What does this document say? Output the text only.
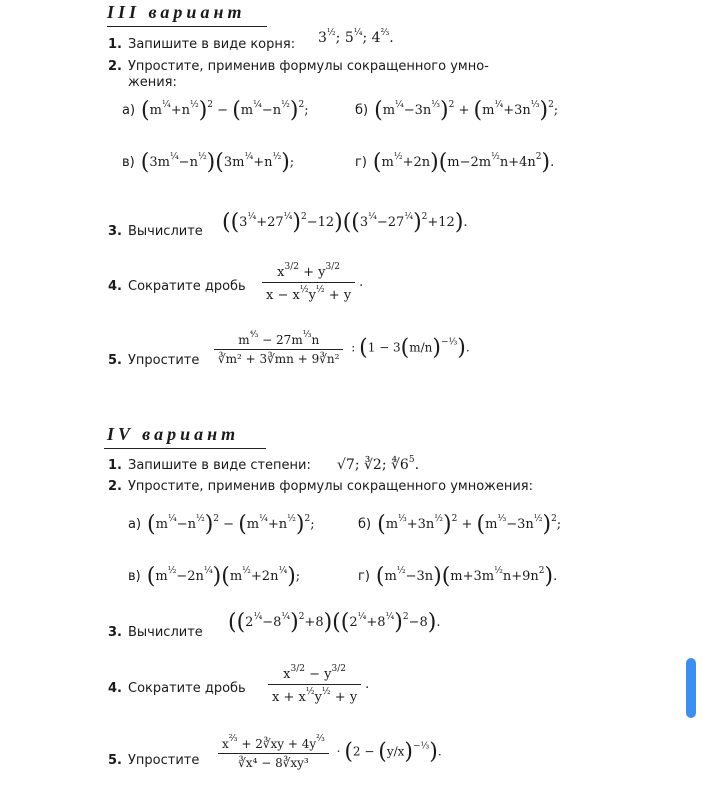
III вариант
1. Запишите в виде корня: $3^{\frac{1}{2}}$; $5^{\frac{1}{4}}$; $4^{\frac{2}{3}}$.
2. Упростите, применив формулы сокращенного умно-
жения:
а) $(m^{\frac{1}{4}}+n^{\frac{1}{2}})^2 - (m^{\frac{1}{4}}-n^{\frac{1}{2}})^2$;	б) $(m^{\frac{1}{4}}-3n^{\frac{1}{3}})^2 + (m^{\frac{1}{4}}+3n^{\frac{1}{3}})^2$;
в) $(3m^{\frac{1}{4}}-n^{\frac{1}{2}})(3m^{\frac{1}{4}}+n^{\frac{1}{2}})$;	г) $(m^{\frac{1}{2}}+2n)(m-2m^{\frac{1}{2}}n+4n^2)$.
3. Вычислите $((3^{\frac{1}{4}}+27^{\frac{1}{4}})^2-12)((3^{\frac{1}{4}}-27^{\frac{1}{4}})^2+12)$.
4. Сократите дробь $\frac{x^{3/2} + y^{3/2}}{x - x^{\frac{1}{2}}y^{\frac{1}{2}} + y}$ .
5. Упростите $\frac{m^{^4⁄_3} - 27m^{\frac{1}{3}}n}{\text{∛m² + 3∛mn + 9∛n²}}$ : $(1 - 3(m/n)^{-\frac{1}{3}})$.
IV вариант
1. Запишите в виде степени: √7; ∛2; $∜6^5$.
2. Упростите, применив формулы сокращенного умножения:
а) $(m^{\frac{1}{4}}-n^{\frac{1}{2}})^2 - (m^{\frac{1}{4}}+n^{\frac{1}{2}})^2$;	б) $(m^{\frac{1}{3}}+3n^{\frac{1}{2}})^2 + (m^{\frac{1}{3}}-3n^{\frac{1}{2}})^2$;
в) $(m^{\frac{1}{2}}-2n^{\frac{1}{4}})(m^{\frac{1}{2}}+2n^{\frac{1}{4}})$;	г) $(m^{\frac{1}{2}}-3n)(m+3m^{\frac{1}{2}}n+9n^2)$.
3. Вычислите $((2^{\frac{1}{4}}-8^{\frac{1}{4}})^2+8)((2^{\frac{1}{4}}+8^{\frac{1}{4}})^2-8)$.
4. Сократите дробь $\frac{x^{3/2} - y^{3/2}}{x + x^{\frac{1}{2}}y^{\frac{1}{2}} + y}$ .
5. Упростите $\frac{x^{\frac{2}{3}} + 2∛xy + 4y^{\frac{2}{3}}}{\text{∛x⁴ − 8∛xy³}} \cdot (2 - (y/x)^{-\frac{1}{3}})$.
